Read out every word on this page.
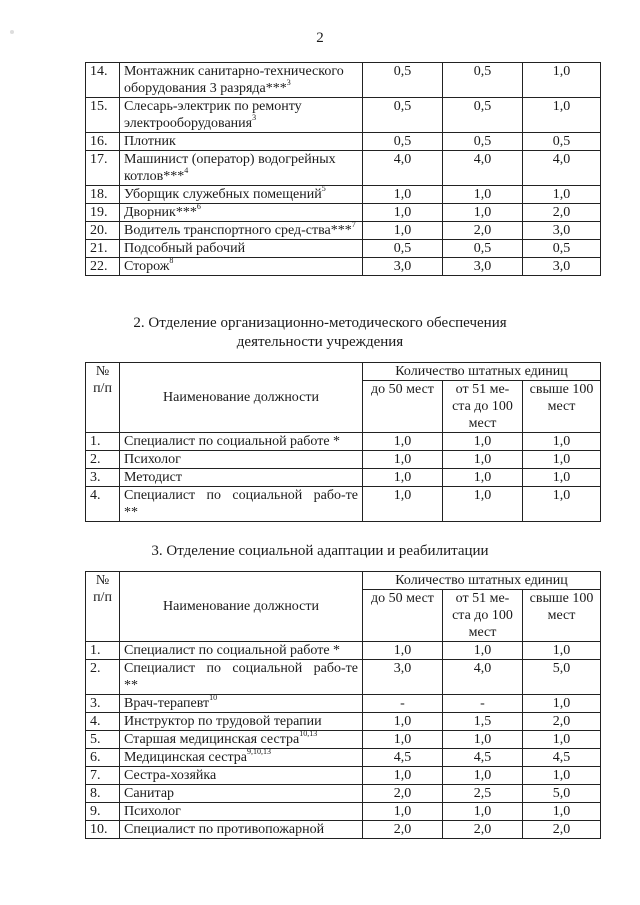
2
14.	Монтажник санитарно-технического оборудования 3 разряда***$^3$	0,5	0,5	1,0
15.	Слесарь-электрик по ремонту электрооборудования$^3$	0,5	0,5	1,0
16.	Плотник	0,5	0,5	0,5
17.	Машинист (оператор) водогрейных котлов***$^4$	4,0	4,0	4,0
18.	Уборщик служебных помещений$^5$	1,0	1,0	1,0
19.	Дворник***$^6$	1,0	1,0	2,0
20.	Водитель транспортного сред-ства***$^7$	1,0	2,0	3,0
21.	Подсобный рабочий	0,5	0,5	0,5
22.	Сторож$^8$	3,0	3,0	3,0
2. Отделение организационно-методического обеспечения
деятельности учреждения
№ п/п	Наименование должности	Количество штатных единиц		
		до 50 мест	от 51 ме-ста до 100 мест	свыше 100 мест
1.	Специалист по социальной работе *	1,0	1,0	1,0
2.	Психолог	1,0	1,0	1,0
3.	Методист	1,0	1,0	1,0
4.	Специалист по социальной рабо-те **	1,0	1,0	1,0
3. Отделение социальной адаптации и реабилитации
№ п/п	Наименование должности	Количество штатных единиц		
		до 50 мест	от 51 ме-ста до 100 мест	свыше 100 мест
1.	Специалист по социальной работе *	1,0	1,0	1,0
2.	Специалист по социальной рабо-те **	3,0	4,0	5,0
3.	Врач-терапевт$^{10}$	-	-	1,0
4.	Инструктор по трудовой терапии	1,0	1,5	2,0
5.	Старшая медицинская сестра$^{10,13}$	1,0	1,0	1,0
6.	Медицинская сестра$^{9,10,13}$	4,5	4,5	4,5
7.	Сестра-хозяйка	1,0	1,0	1,0
8.	Санитар	2,0	2,5	5,0
9.	Психолог	1,0	1,0	1,0
10.	Специалист по противопожарной	2,0	2,0	2,0
